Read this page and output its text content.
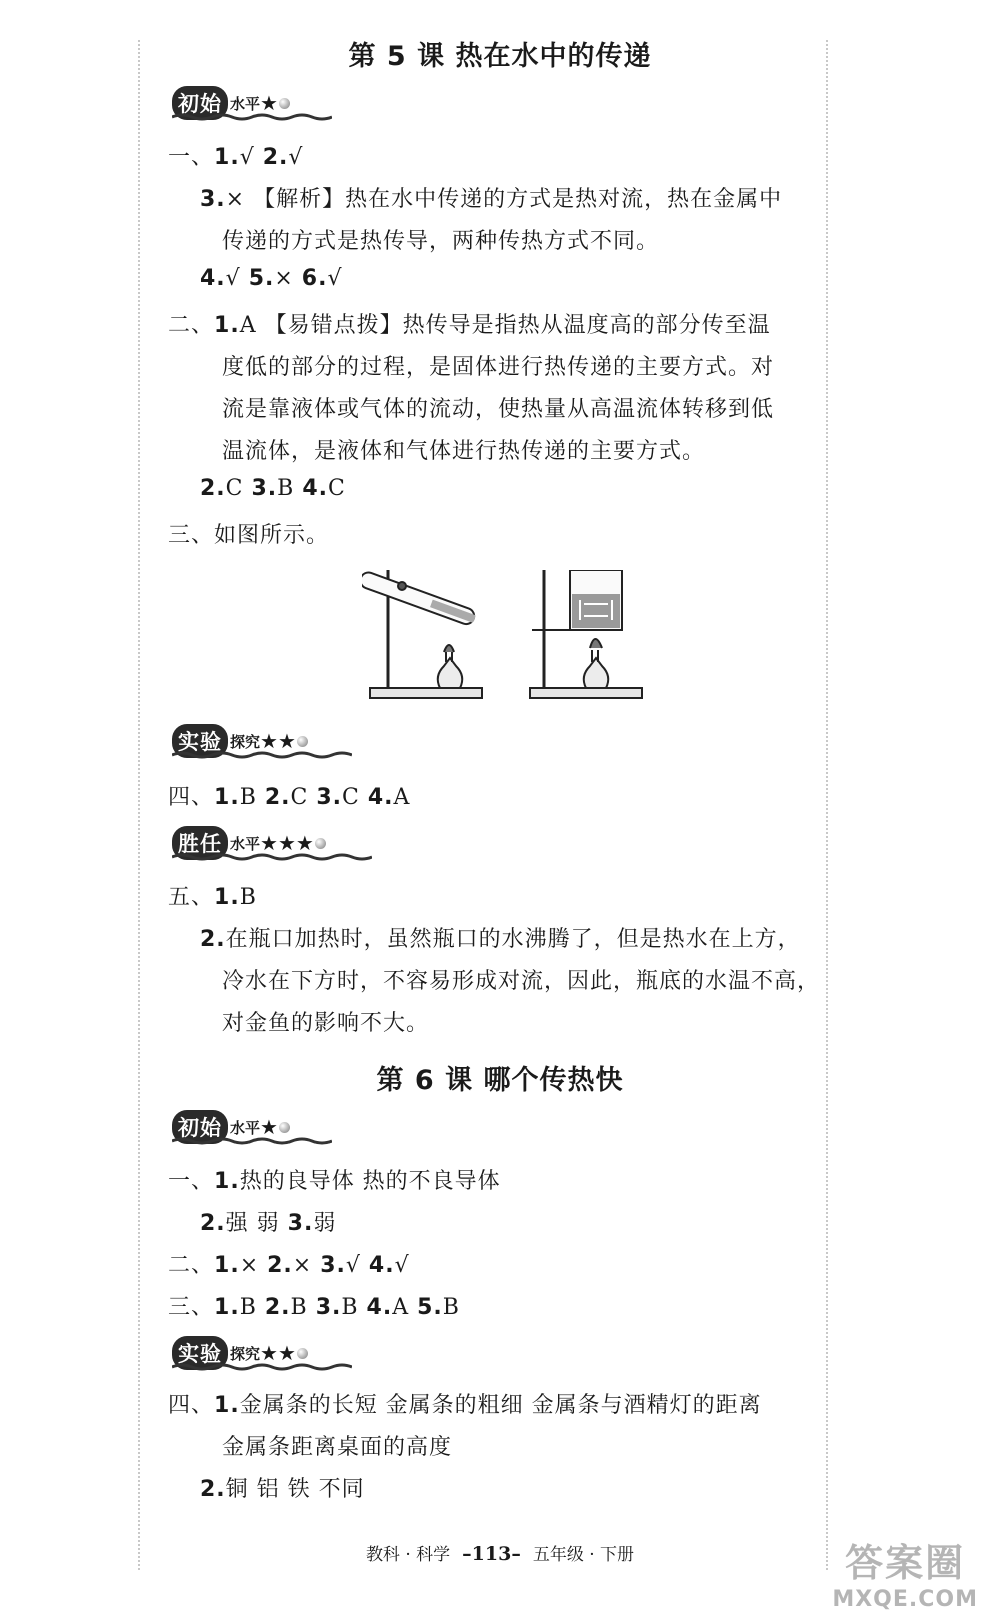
第 5 课 热在水中的传递
初始 水平★
一、1.√ 2.√
3.× 【解析】热在水中传递的方式是热对流，热在金属中
传递的方式是热传导，两种传热方式不同。
4.√ 5.× 6.√
二、1.A 【易错点拨】热传导是指热从温度高的部分传至温
度低的部分的过程，是固体进行热传递的主要方式。对
流是靠液体或气体的流动，使热量从高温流体转移到低
温流体，是液体和气体进行热传递的主要方式。
2.C 3.B 4.C
三、如图所示。
实验 探究★★
四、1.B 2.C 3.C 4.A
胜任 水平★★★
五、1.B
2.在瓶口加热时，虽然瓶口的水沸腾了，但是热水在上方，
冷水在下方时，不容易形成对流，因此，瓶底的水温不高，
对金鱼的影响不大。
第 6 课 哪个传热快
初始 水平★
一、1.热的良导体 热的不良导体
2.强 弱 3.弱
二、1.× 2.× 3.√ 4.√
三、1.B 2.B 3.B 4.A 5.B
实验 探究★★
四、1.金属条的长短 金属条的粗细 金属条与酒精灯的距离
金属条距离桌面的高度
2.铜 铝 铁 不同
教科 · 科学 –113– 五年级 · 下册	答案圈
MXQE.COM
